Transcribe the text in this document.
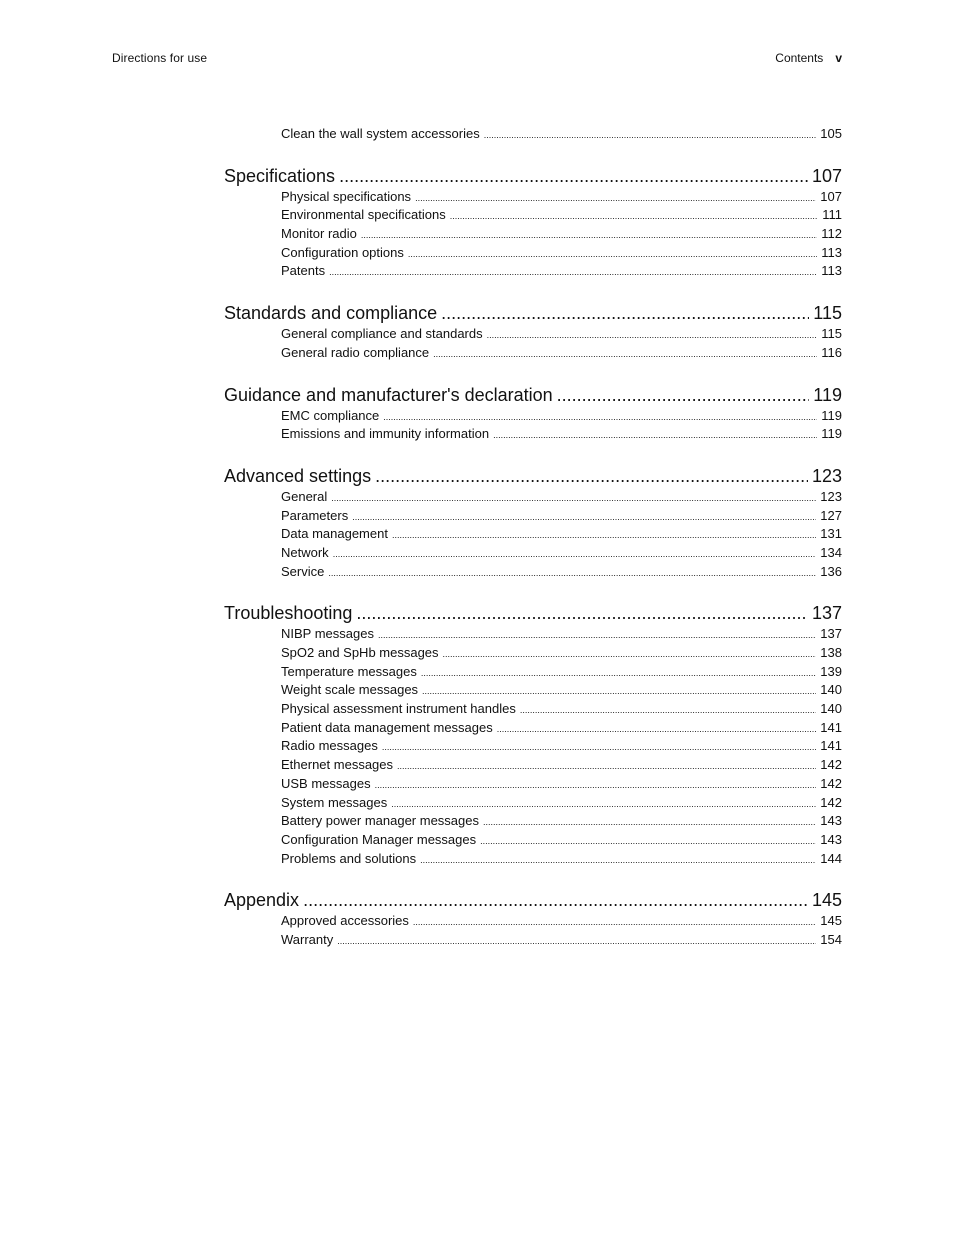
Directions for use	Contents v
Clean the wall system accessories .....	105
Specifications .....	107
Physical specifications .....	107
Environmental specifications .....	111
Monitor radio .....	112
Configuration options .....	113
Patents .....	113
Standards and compliance .....	115
General compliance and standards .....	115
General radio compliance .....	116
Guidance and manufacturer's declaration .....	119
EMC compliance .....	119
Emissions and immunity information .....	119
Advanced settings .....	123
General .....	123
Parameters .....	127
Data management .....	131
Network .....	134
Service .....	136
Troubleshooting .....	137
NIBP messages .....	137
SpO2 and SpHb messages .....	138
Temperature messages .....	139
Weight scale messages .....	140
Physical assessment instrument handles .....	140
Patient data management messages .....	141
Radio messages .....	141
Ethernet messages .....	142
USB messages .....	142
System messages .....	142
Battery power manager messages .....	143
Configuration Manager messages .....	143
Problems and solutions .....	144
Appendix .....	145
Approved accessories .....	145
Warranty .....	154
